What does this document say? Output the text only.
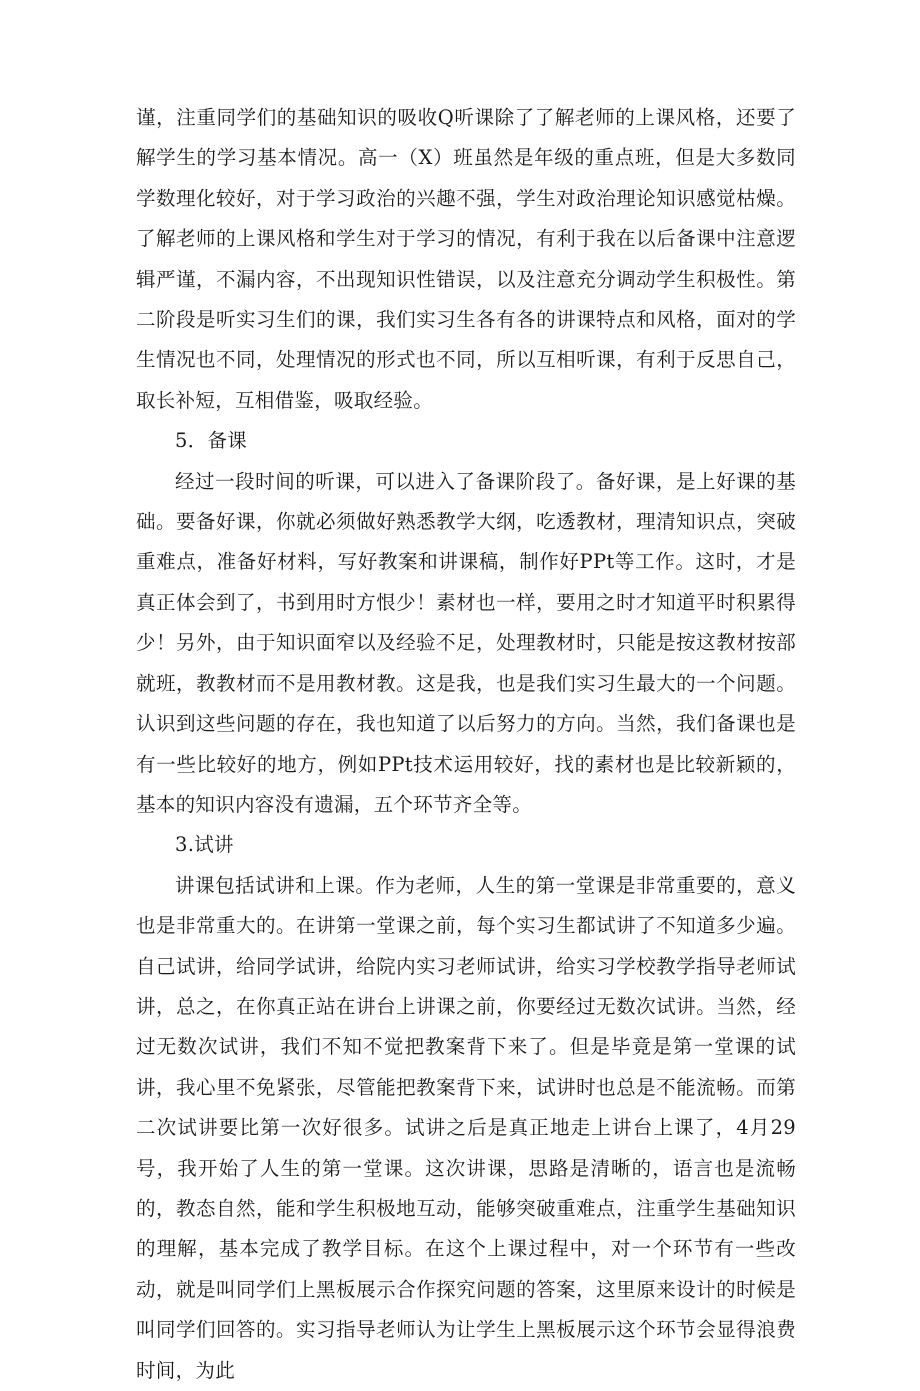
谨，注重同学们的基础知识的吸收Q听课除了了解老师的上课风格，还要了解学生的学习基本情况。高一（X）班虽然是年级的重点班，但是大多数同学数理化较好，对于学习政治的兴趣不强，学生对政治理论知识感觉枯燥。了解老师的上课风格和学生对于学习的情况，有利于我在以后备课中注意逻辑严谨，不漏内容，不出现知识性错误，以及注意充分调动学生积极性。第二阶段是听实习生们的课，我们实习生各有各的讲课特点和风格，面对的学生情况也不同，处理情况的形式也不同，所以互相听课，有利于反思自己，取长补短，互相借鉴，吸取经验。

5．备课

经过一段时间的听课，可以进入了备课阶段了。备好课，是上好课的基础。要备好课，你就必须做好熟悉教学大纲，吃透教材，理清知识点，突破重难点，准备好材料，写好教案和讲课稿，制作好PPt等工作。这时，才是真正体会到了，书到用时方恨少！素材也一样，要用之时才知道平时积累得少！另外，由于知识面窄以及经验不足，处理教材时，只能是按这教材按部就班，教教材而不是用教材教。这是我，也是我们实习生最大的一个问题。认识到这些问题的存在，我也知道了以后努力的方向。当然，我们备课也是有一些比较好的地方，例如PPt技术运用较好，找的素材也是比较新颖的，基本的知识内容没有遗漏，五个环节齐全等。

3.试讲

讲课包括试讲和上课。作为老师，人生的第一堂课是非常重要的，意义也是非常重大的。在讲第一堂课之前，每个实习生都试讲了不知道多少遍。自己试讲，给同学试讲，给院内实习老师试讲，给实习学校教学指导老师试讲，总之，在你真正站在讲台上讲课之前，你要经过无数次试讲。当然，经过无数次试讲，我们不知不觉把教案背下来了。但是毕竟是第一堂课的试讲，我心里不免紧张，尽管能把教案背下来，试讲时也总是不能流畅。而第二次试讲要比第一次好很多。试讲之后是真正地走上讲台上课了，4月29号，我开始了人生的第一堂课。这次讲课，思路是清晰的，语言也是流畅的，教态自然，能和学生积极地互动，能够突破重难点，注重学生基础知识的理解，基本完成了教学目标。在这个上课过程中，对一个环节有一些改动，就是叫同学们上黑板展示合作探究问题的答案，这里原来设计的时候是叫同学们回答的。实习指导老师认为让学生上黑板展示这个环节会显得浪费时间，为此
